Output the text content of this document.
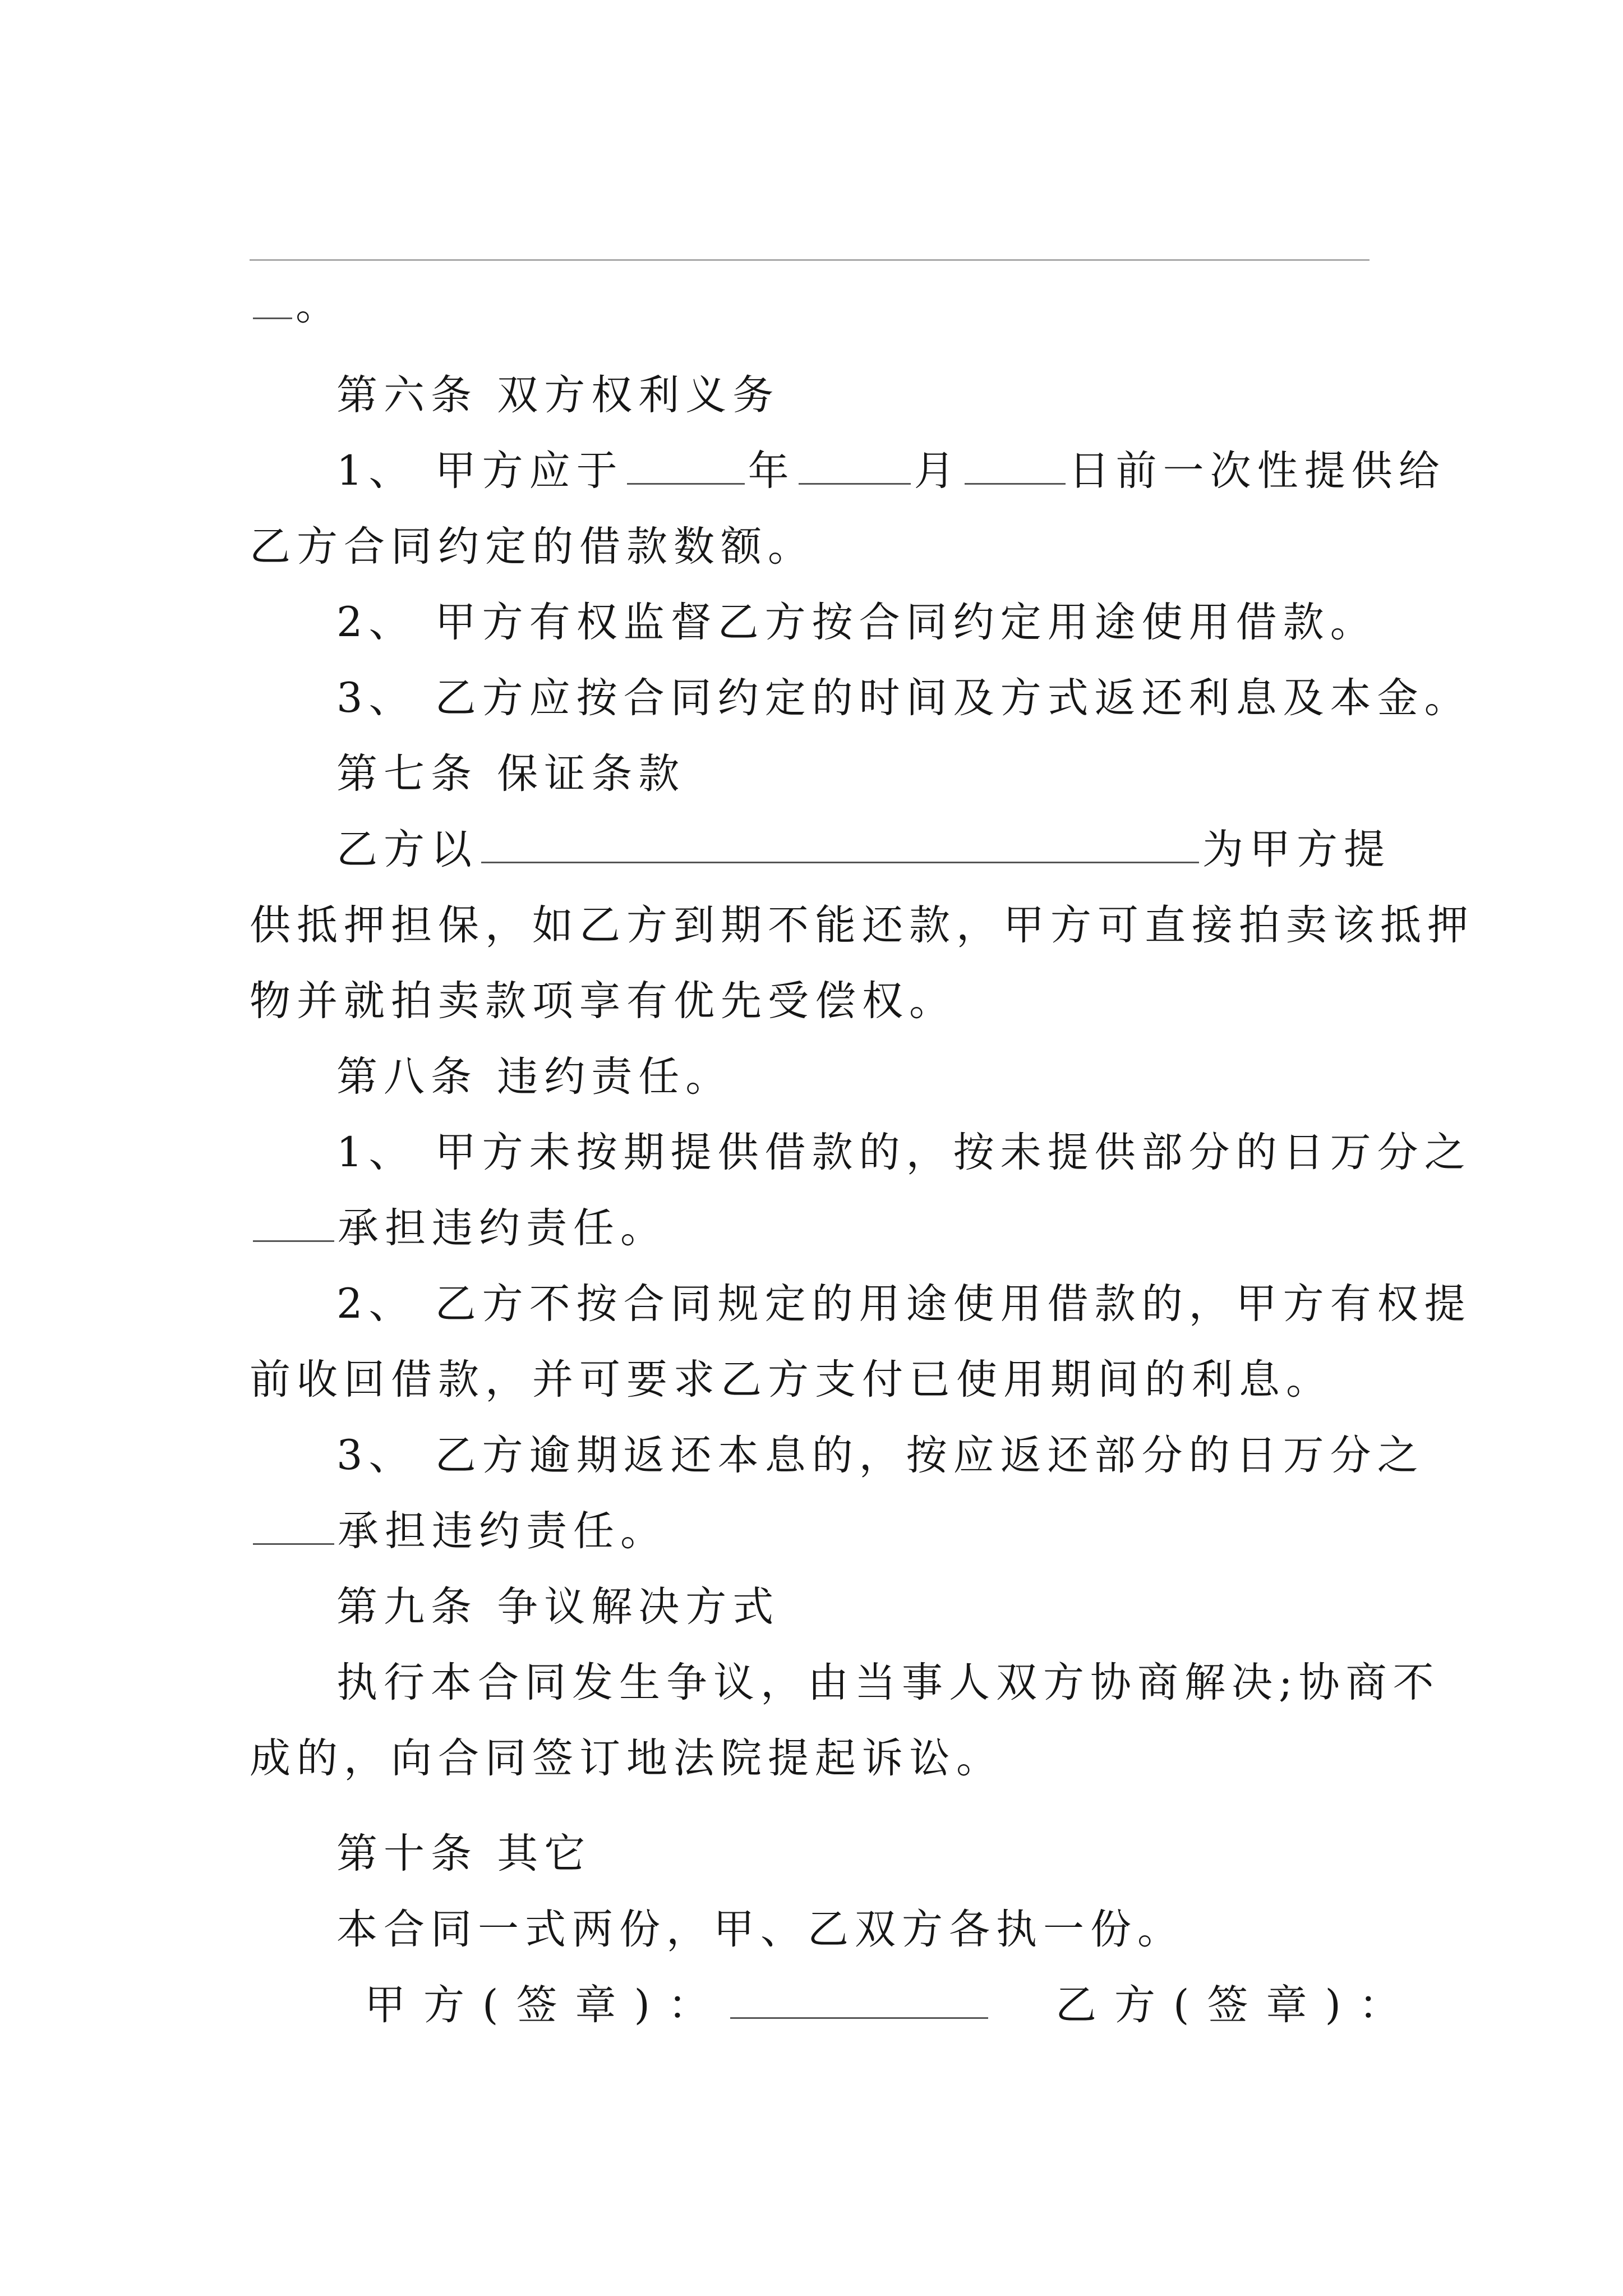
。

第六条 双方权利义务

1、 甲方应于	年	月	日前一次性提供给

乙方合同约定的借款数额。

2、 甲方有权监督乙方按合同约定用途使用借款。

3、 乙方应按合同约定的时间及方式返还利息及本金。

第七条 保证条款

乙方以	为甲方提

供抵押担保，如乙方到期不能还款，甲方可直接拍卖该抵押

物并就拍卖款项享有优先受偿权。

第八条 违约责任。

1、 甲方未按期提供借款的，按未提供部分的日万分之

承担违约责任。

2、 乙方不按合同规定的用途使用借款的，甲方有权提

前收回借款，并可要求乙方支付已使用期间的利息。

3、 乙方逾期返还本息的，按应返还部分的日万分之

承担违约责任。

第九条 争议解决方式

执行本合同发生争议，由当事人双方协商解决;协商不

成的，向合同签订地法院提起诉讼。

第十条 其它

本合同一式两份，甲、乙双方各执一份。

甲方(签章)：	乙方(签章)：
